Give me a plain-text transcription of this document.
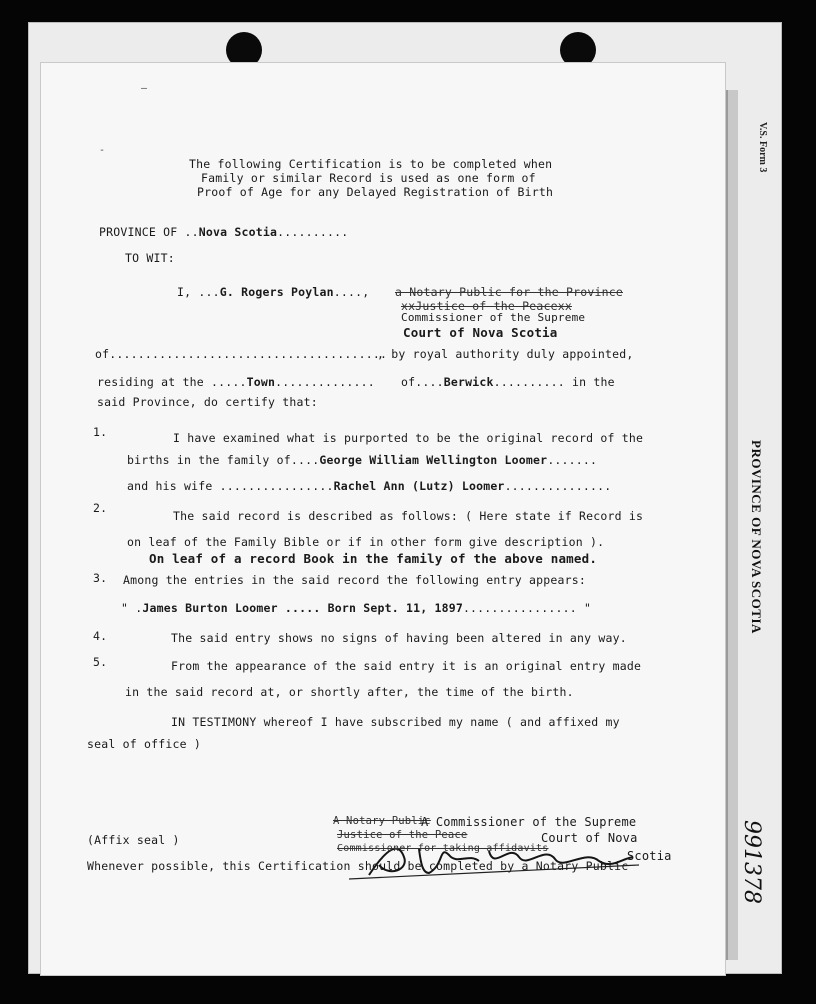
V.S. Form 3
PROVINCE OF NOVA SCOTIA
991378
—
-
The following Certification is to be completed when
Family or similar Record is used as one form of
Proof of Age for any Delayed Registration of Birth
PROVINCE OF ..Nova Scotia..........
TO WIT:
I, ...G. Rogers Poylan...., a Notary Public for the Province
xxJustice of the Peacexx
Commissioner of the Supreme
Court of Nova Scotia
of.......................................
, by royal authority duly appointed,
residing at the .....Town.............. of....Berwick.......... in the
said Province, do certify that:
1.	I have examined what is purported to be the original record of the
births in the family of....George William Wellington Loomer.......
and his wife ................Rachel Ann (Lutz) Loomer...............
2.
The said record is described as follows: ( Here state if Record is
on leaf of the Family Bible or if in other form give description ).
On leaf of a record Book in the family of the above named.
3. Among the entries in the said record the following entry appears:
" .James Burton Loomer ..... Born Sept. 11, 1897................ "
4.	The said entry shows no signs of having been altered in any way.
5.	From the appearance of the said entry it is an original entry made
in the said record at, or shortly after, the time of the birth.
IN TESTIMONY whereof I have subscribed my name ( and affixed my
seal of office )
A Notary Public
A Commissioner of the Supreme
Justice of the Peace	Court of Nova
Commissioner for taking affidavits
Scotia
(Affix seal )
Whenever possible, this Certification should be completed by a Notary Public
